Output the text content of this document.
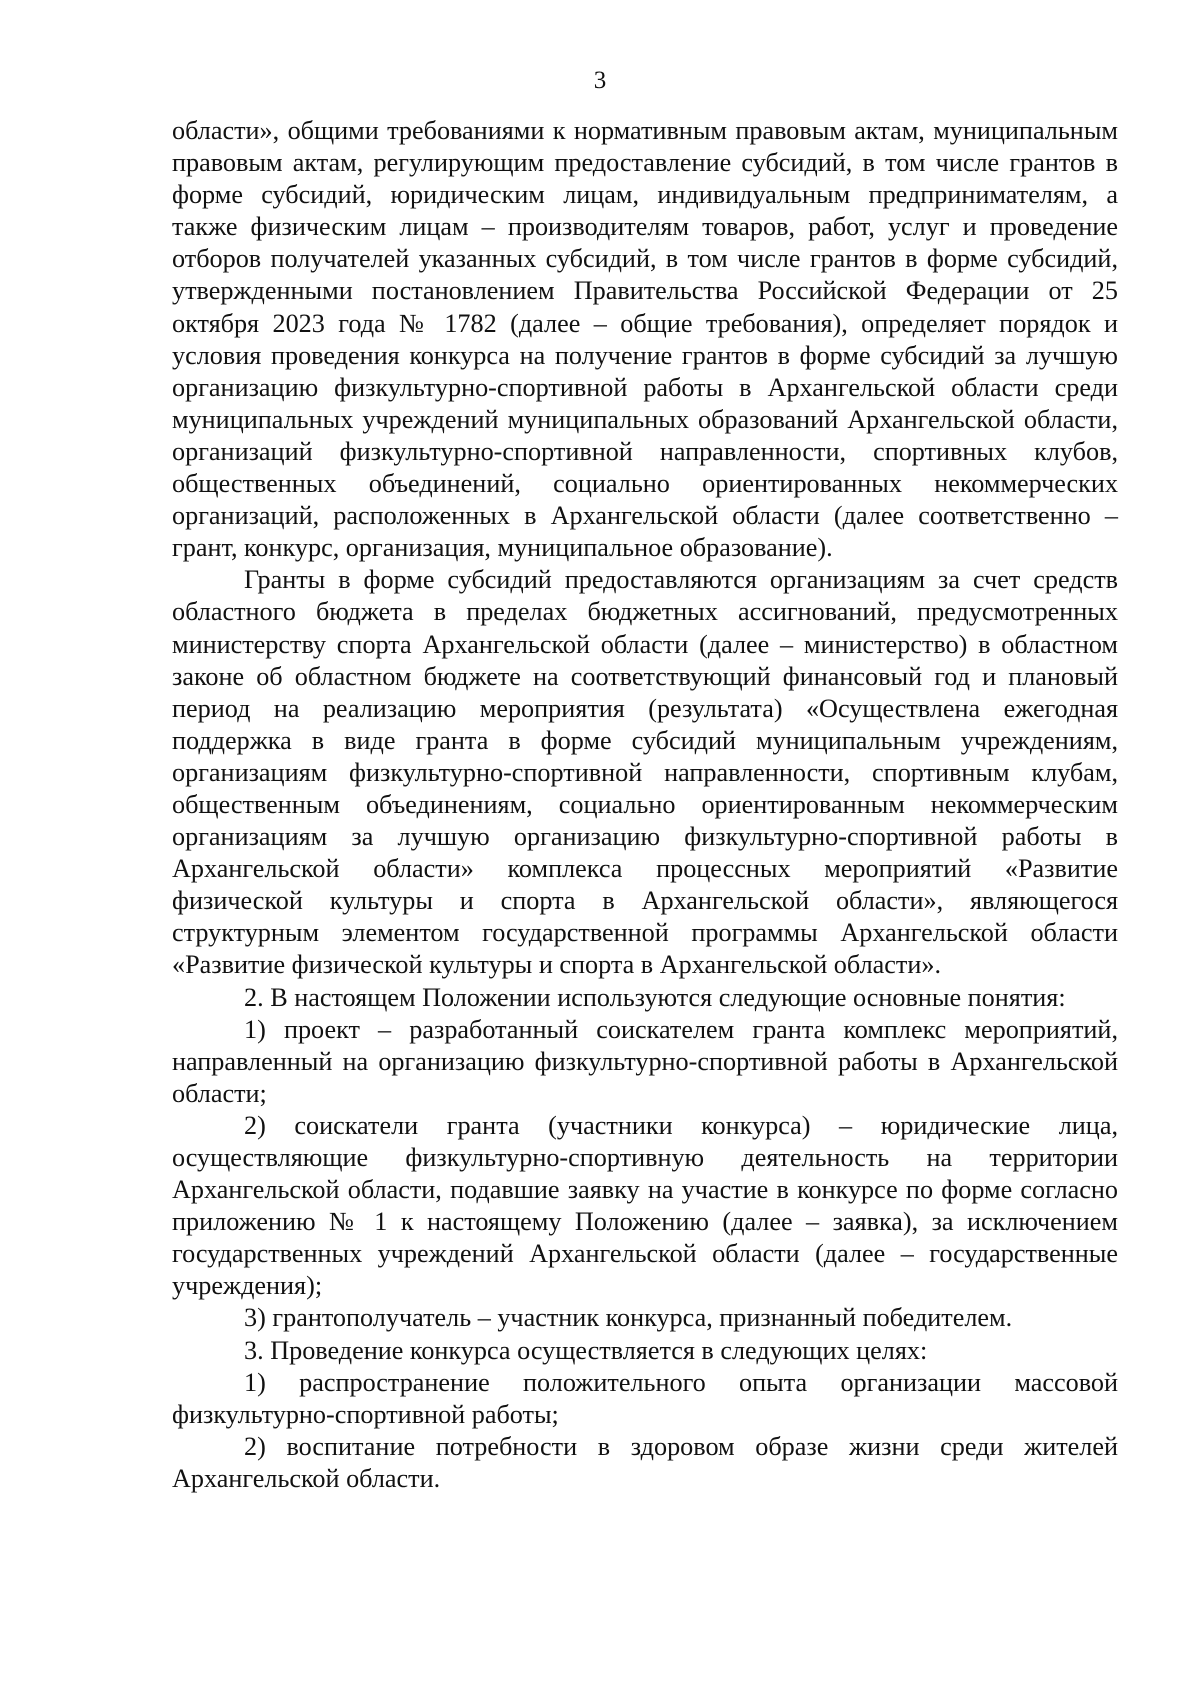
3

области», общими требованиями к нормативным правовым актам, муниципальным правовым актам, регулирующим предоставление субсидий, в том числе грантов в форме субсидий, юридическим лицам, индивидуальным предпринимателям, а также физическим лицам – производителям товаров, работ, услуг и проведение отборов получателей указанных субсидий, в том числе грантов в форме субсидий, утвержденными постановлением Правительства Российской Федерации от 25 октября 2023 года № 1782 (далее – общие требования), определяет порядок и условия проведения конкурса на получение грантов в форме субсидий за лучшую организацию физкультурно-спортивной работы в Архангельской области среди муниципальных учреждений муниципальных образований Архангельской области, организаций физкультурно-спортивной направленности, спортивных клубов, общественных объединений, социально ориентированных некоммерческих организаций, расположенных в Архангельской области (далее соответственно – грант, конкурс, организация, муниципальное образование).

Гранты в форме субсидий предоставляются организациям за счет средств областного бюджета в пределах бюджетных ассигнований, предусмотренных министерству спорта Архангельской области (далее – министерство) в областном законе об областном бюджете на соответствующий финансовый год и плановый период на реализацию мероприятия (результата) «Осуществлена ежегодная поддержка в виде гранта в форме субсидий муниципальным учреждениям, организациям физкультурно-спортивной направленности, спортивным клубам, общественным объединениям, социально ориентированным некоммерческим организациям за лучшую организацию физкультурно-спортивной работы в Архангельской области» комплекса процессных мероприятий «Развитие физической культуры и спорта в Архангельской области», являющегося структурным элементом государственной программы Архангельской области «Развитие физической культуры и спорта в Архангельской области».

2. В настоящем Положении используются следующие основные понятия:

1) проект – разработанный соискателем гранта комплекс мероприятий, направленный на организацию физкультурно-спортивной работы в Архангельской области;

2) соискатели гранта (участники конкурса) – юридические лица, осуществляющие физкультурно-спортивную деятельность на территории Архангельской области, подавшие заявку на участие в конкурсе по форме согласно приложению № 1 к настоящему Положению (далее – заявка), за исключением государственных учреждений Архангельской области (далее – государственные учреждения);

3) грантополучатель – участник конкурса, признанный победителем.

3. Проведение конкурса осуществляется в следующих целях:

1) распространение положительного опыта организации массовой физкультурно-спортивной работы;

2) воспитание потребности в здоровом образе жизни среди жителей Архангельской области.
